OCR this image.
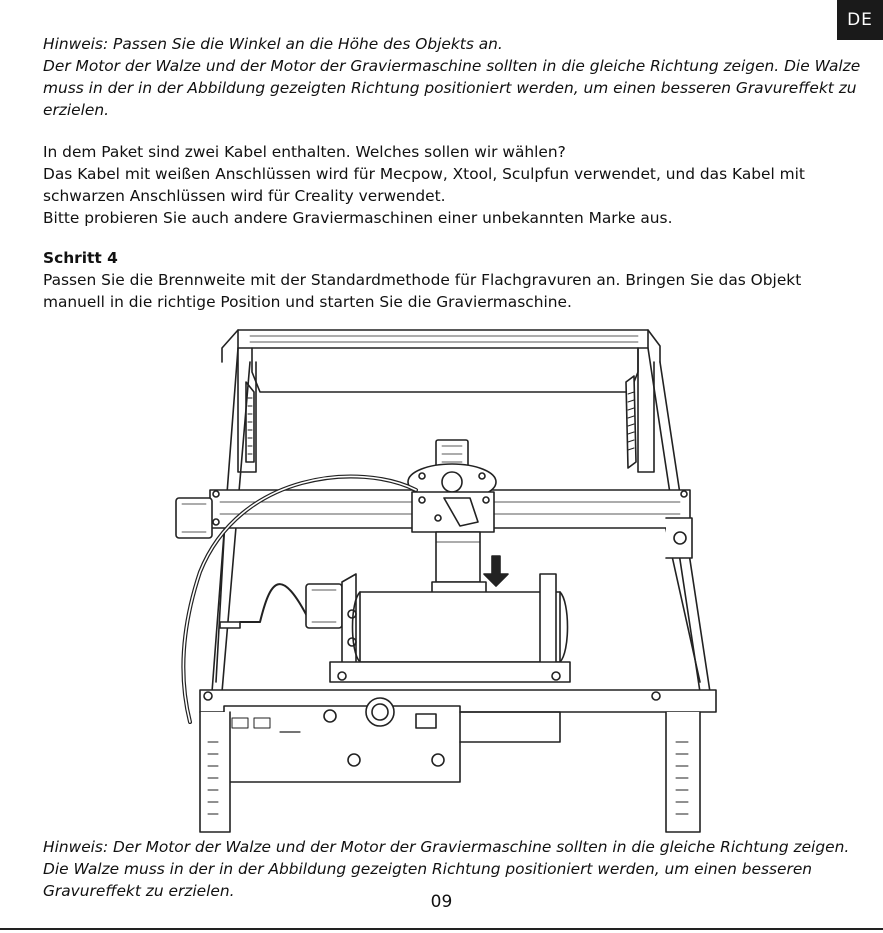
DE
Hinweis: Passen Sie die Winkel an die Höhe des Objekts an.
Der Motor der Walze und der Motor der Graviermaschine sollten in die gleiche Richtung zeigen. Die Walze
muss in der in der Abbildung gezeigten Richtung positioniert werden, um einen besseren Gravureffekt zu
erzielen.
In dem Paket sind zwei Kabel enthalten. Welches sollen wir wählen?
Das Kabel mit weißen Anschlüssen wird für Mecpow, Xtool, Sculpfun verwendet, und das Kabel mit
schwarzen Anschlüssen wird für Creality verwendet.
Bitte probieren Sie auch andere Graviermaschinen einer unbekannten Marke aus.
Schritt 4
Passen Sie die Brennweite mit der Standardmethode für Flachgravuren an. Bringen Sie das Objekt
manuell in die richtige Position und starten Sie die Graviermaschine.
Hinweis: Der Motor der Walze und der Motor der Graviermaschine sollten in die gleiche Richtung zeigen.
Die Walze muss in der in der Abbildung gezeigten Richtung positioniert werden, um einen besseren
Gravureffekt zu erzielen.
09
